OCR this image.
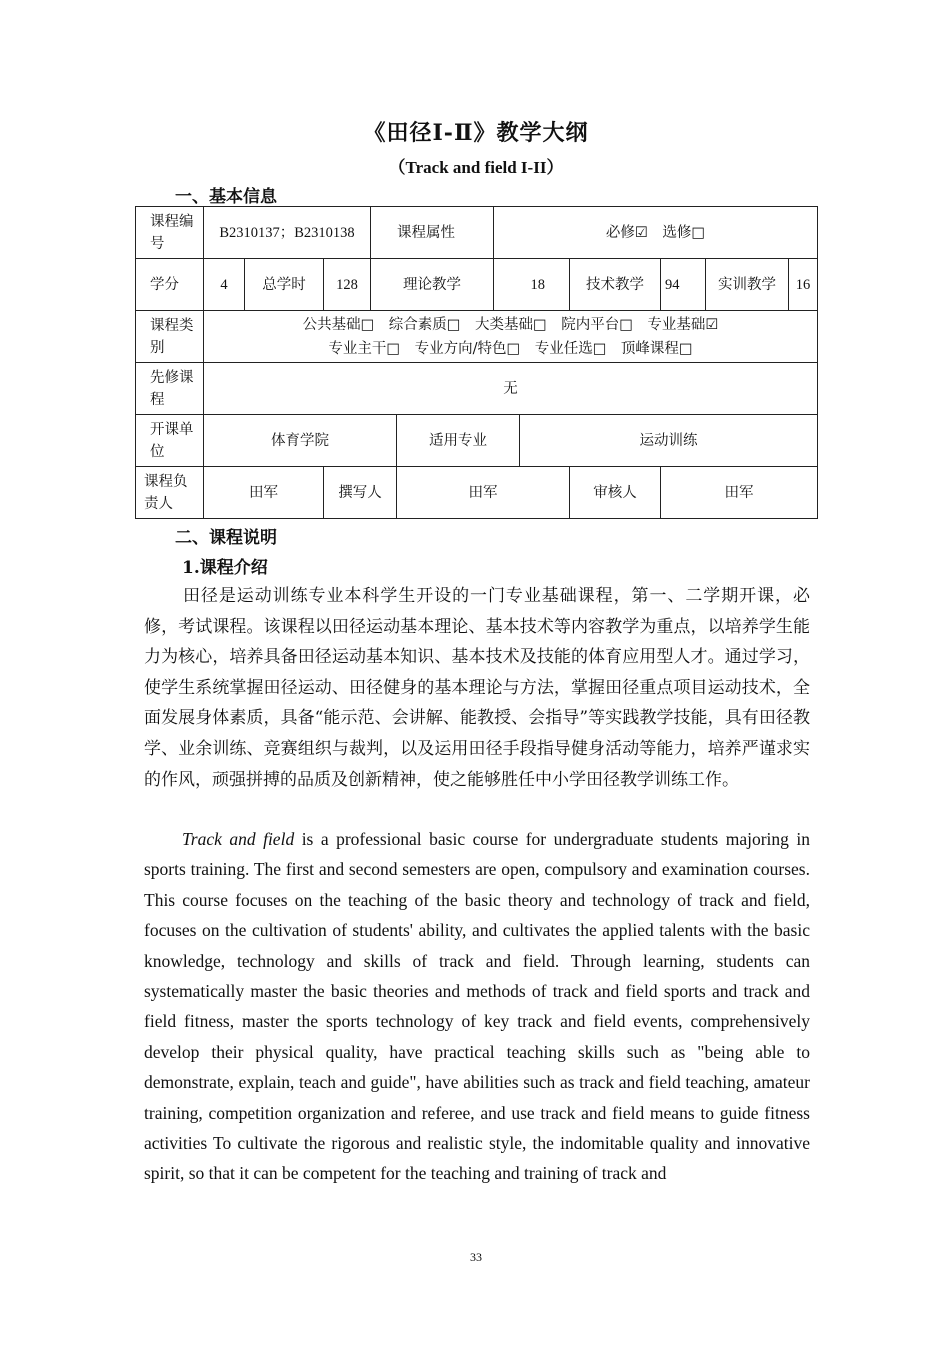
《田径Ⅰ-Ⅱ》教学大纲
（Track and field I-II）
一、基本信息
课程编号	B2310137；B2310138			课程属性		必修☑　选修□					
学分	4	总学时	128	理论教学		18		技术教学	94	实训教学	16
课程类别	公共基础□　综合素质□　大类基础□　院内平台□　专业基础☑
专业主干□　专业方向/特色□　专业任选□　顶峰课程□										

先修课程	无										
开课单位	体育学院				适用专业		运动训练				
课程负责人	田军		撰写人		田军			审核人	田军		
二、课程说明
1.课程介绍
田径是运动训练专业本科学生开设的一门专业基础课程，第一、二学期开课，必修，考试课程。该课程以田径运动基本理论、基本技术等内容教学为重点，以培养学生能力为核心，培养具备田径运动基本知识、基本技术及技能的体育应用型人才。通过学习，使学生系统掌握田径运动、田径健身的基本理论与方法，掌握田径重点项目运动技术，全面发展身体素质，具备“能示范、会讲解、能教授、会指导”等实践教学技能，具有田径教学、业余训练、竞赛组织与裁判，以及运用田径手段指导健身活动等能力，培养严谨求实的作风，顽强拼搏的品质及创新精神，使之能够胜任中小学田径教学训练工作。
Track and field is a professional basic course for undergraduate students majoring in sports training. The first and second semesters are open, compulsory and examination courses. This course focuses on the teaching of the basic theory and technology of track and field, focuses on the cultivation of students' ability, and cultivates the applied talents with the basic knowledge, technology and skills of track and field. Through learning, students can systematically master the basic theories and methods of track and field sports and track and field fitness, master the sports technology of key track and field events, comprehensively develop their physical quality, have practical teaching skills such as "being able to demonstrate, explain, teach and guide", have abilities such as track and field teaching, amateur training, competition organization and referee, and use track and field means to guide fitness activities To cultivate the rigorous and realistic style, the indomitable quality and innovative spirit, so that it can be competent for the teaching and training of track and
33
